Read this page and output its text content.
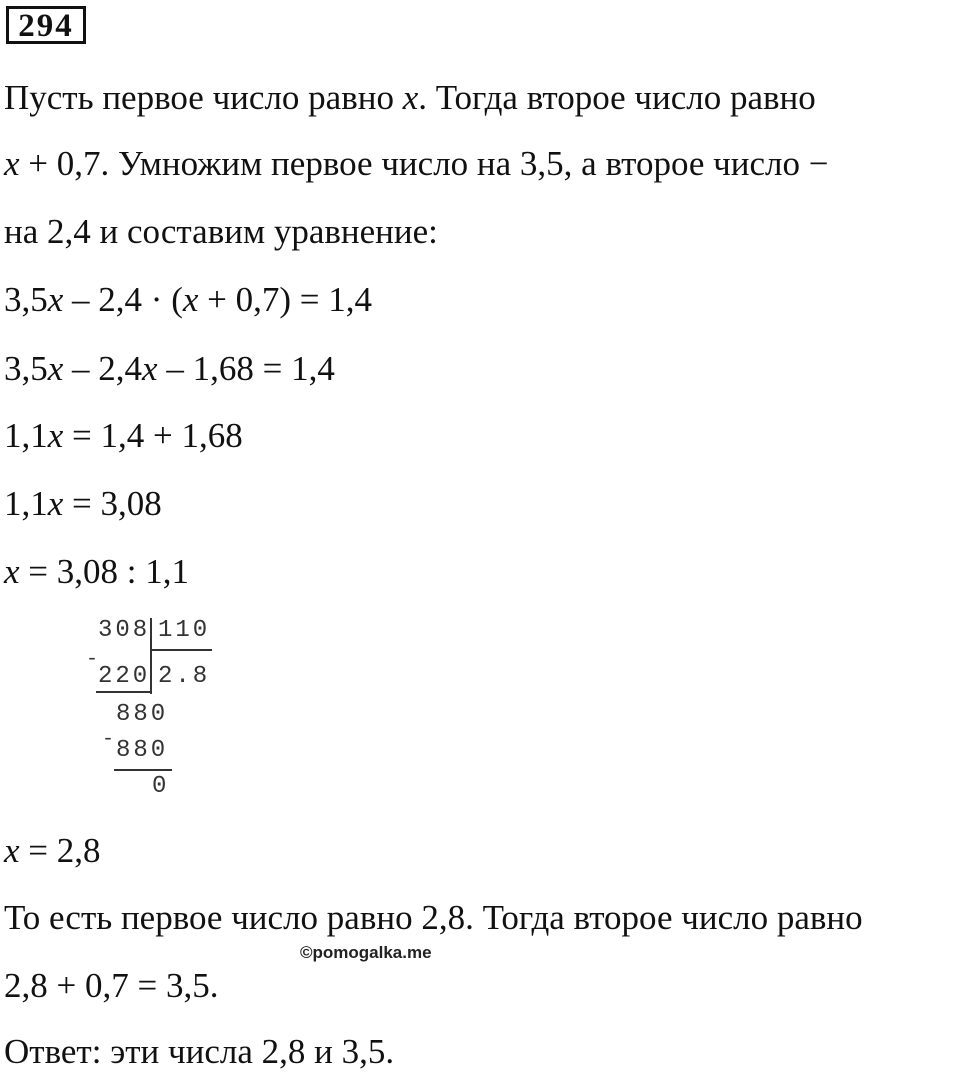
294
Пусть первое число равно x. Тогда второе число равно
x + 0,7. Умножим первое число на 3,5, а второе число −
на 2,4 и составим уравнение:
3,5x – 2,4 · (x + 0,7) = 1,4
3,5x – 2,4x – 1,68 = 1,4
1,1x = 1,4 + 1,68
1,1x = 3,08
x = 3,08 : 1,1
308 110
-
220 2.8
880
- 880
0
x = 2,8
То есть первое число равно 2,8. Тогда второе число равно
©pomogalka.me
2,8 + 0,7 = 3,5.
Ответ: эти числа 2,8 и 3,5.
